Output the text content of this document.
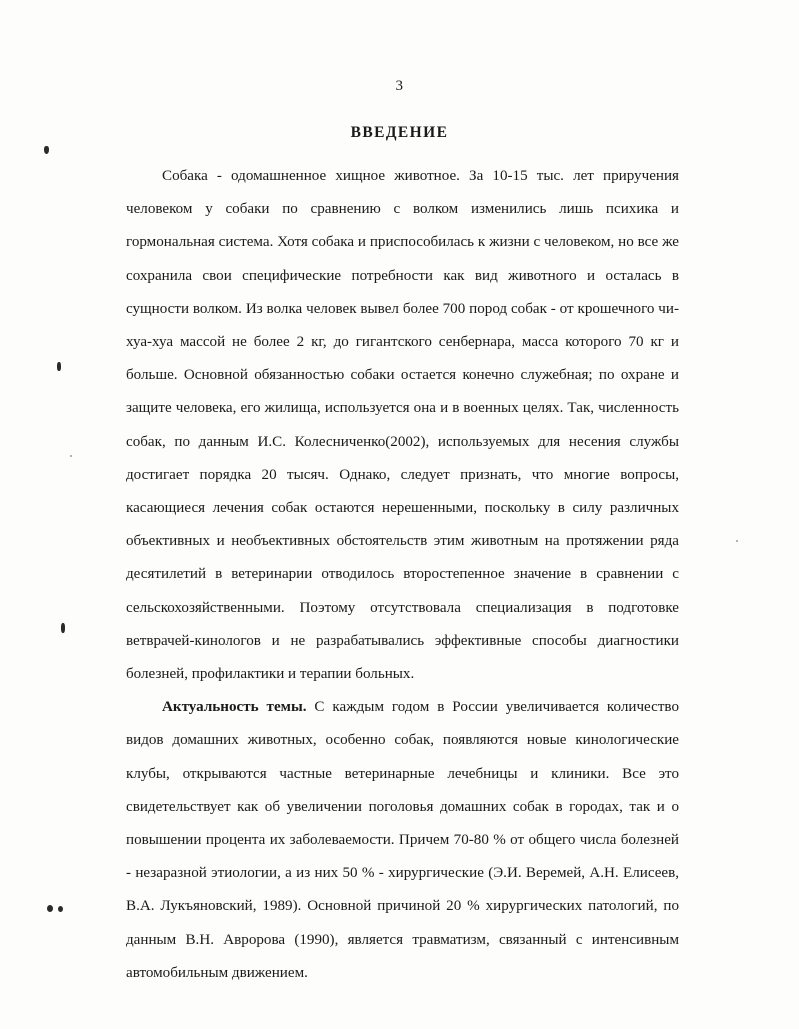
3
ВВЕДЕНИЕ

Собака - одомашненное хищное животное. За 10-15 тыс. лет приручения человеком у собаки по сравнению с волком изменились лишь психика и гормональная система. Хотя собака и приспособилась к жизни с человеком, но все же сохранила свои специфические потребности как вид животного и осталась в сущности волком. Из волка человек вывел более 700 пород собак - от крошечного чи-хуа-хуа массой не более 2 кг, до гигантского сенбернара, масса которого 70 кг и больше. Основной обязанностью собаки остается конечно служебная; по охране и защите человека, его жилища, используется она и в военных целях. Так, численность собак, по данным И.С. Колесниченко(2002), используемых для несения службы достигает порядка 20 тысяч. Однако, следует признать, что многие вопросы, касающиеся лечения собак остаются нерешенными, поскольку в силу различных объективных и необъективных обстоятельств этим животным на протяжении ряда десятилетий в ветеринарии отводилось второстепенное значение в сравнении с сельскохозяйственными. Поэтому отсутствовала специализация в подготовке ветврачей-кинологов и не разрабатывались эффективные способы диагностики болезней, профилактики и терапии больных.

Актуальность темы. С каждым годом в России увеличивается количество видов домашних животных, особенно собак, появляются новые кинологические клубы, открываются частные ветеринарные лечебницы и клиники. Все это свидетельствует как об увеличении поголовья домашних собак в городах, так и о повышении процента их заболеваемости. Причем 70-80 % от общего числа болезней - незаразной этиологии, а из них 50 % - хирургические (Э.И. Веремей, А.Н. Елисеев, В.А. Лукъяновский, 1989). Основной причиной 20 % хирургических патологий, по данным В.Н. Авророва (1990), является травматизм, связанный с интенсивным автомобильным движением.
